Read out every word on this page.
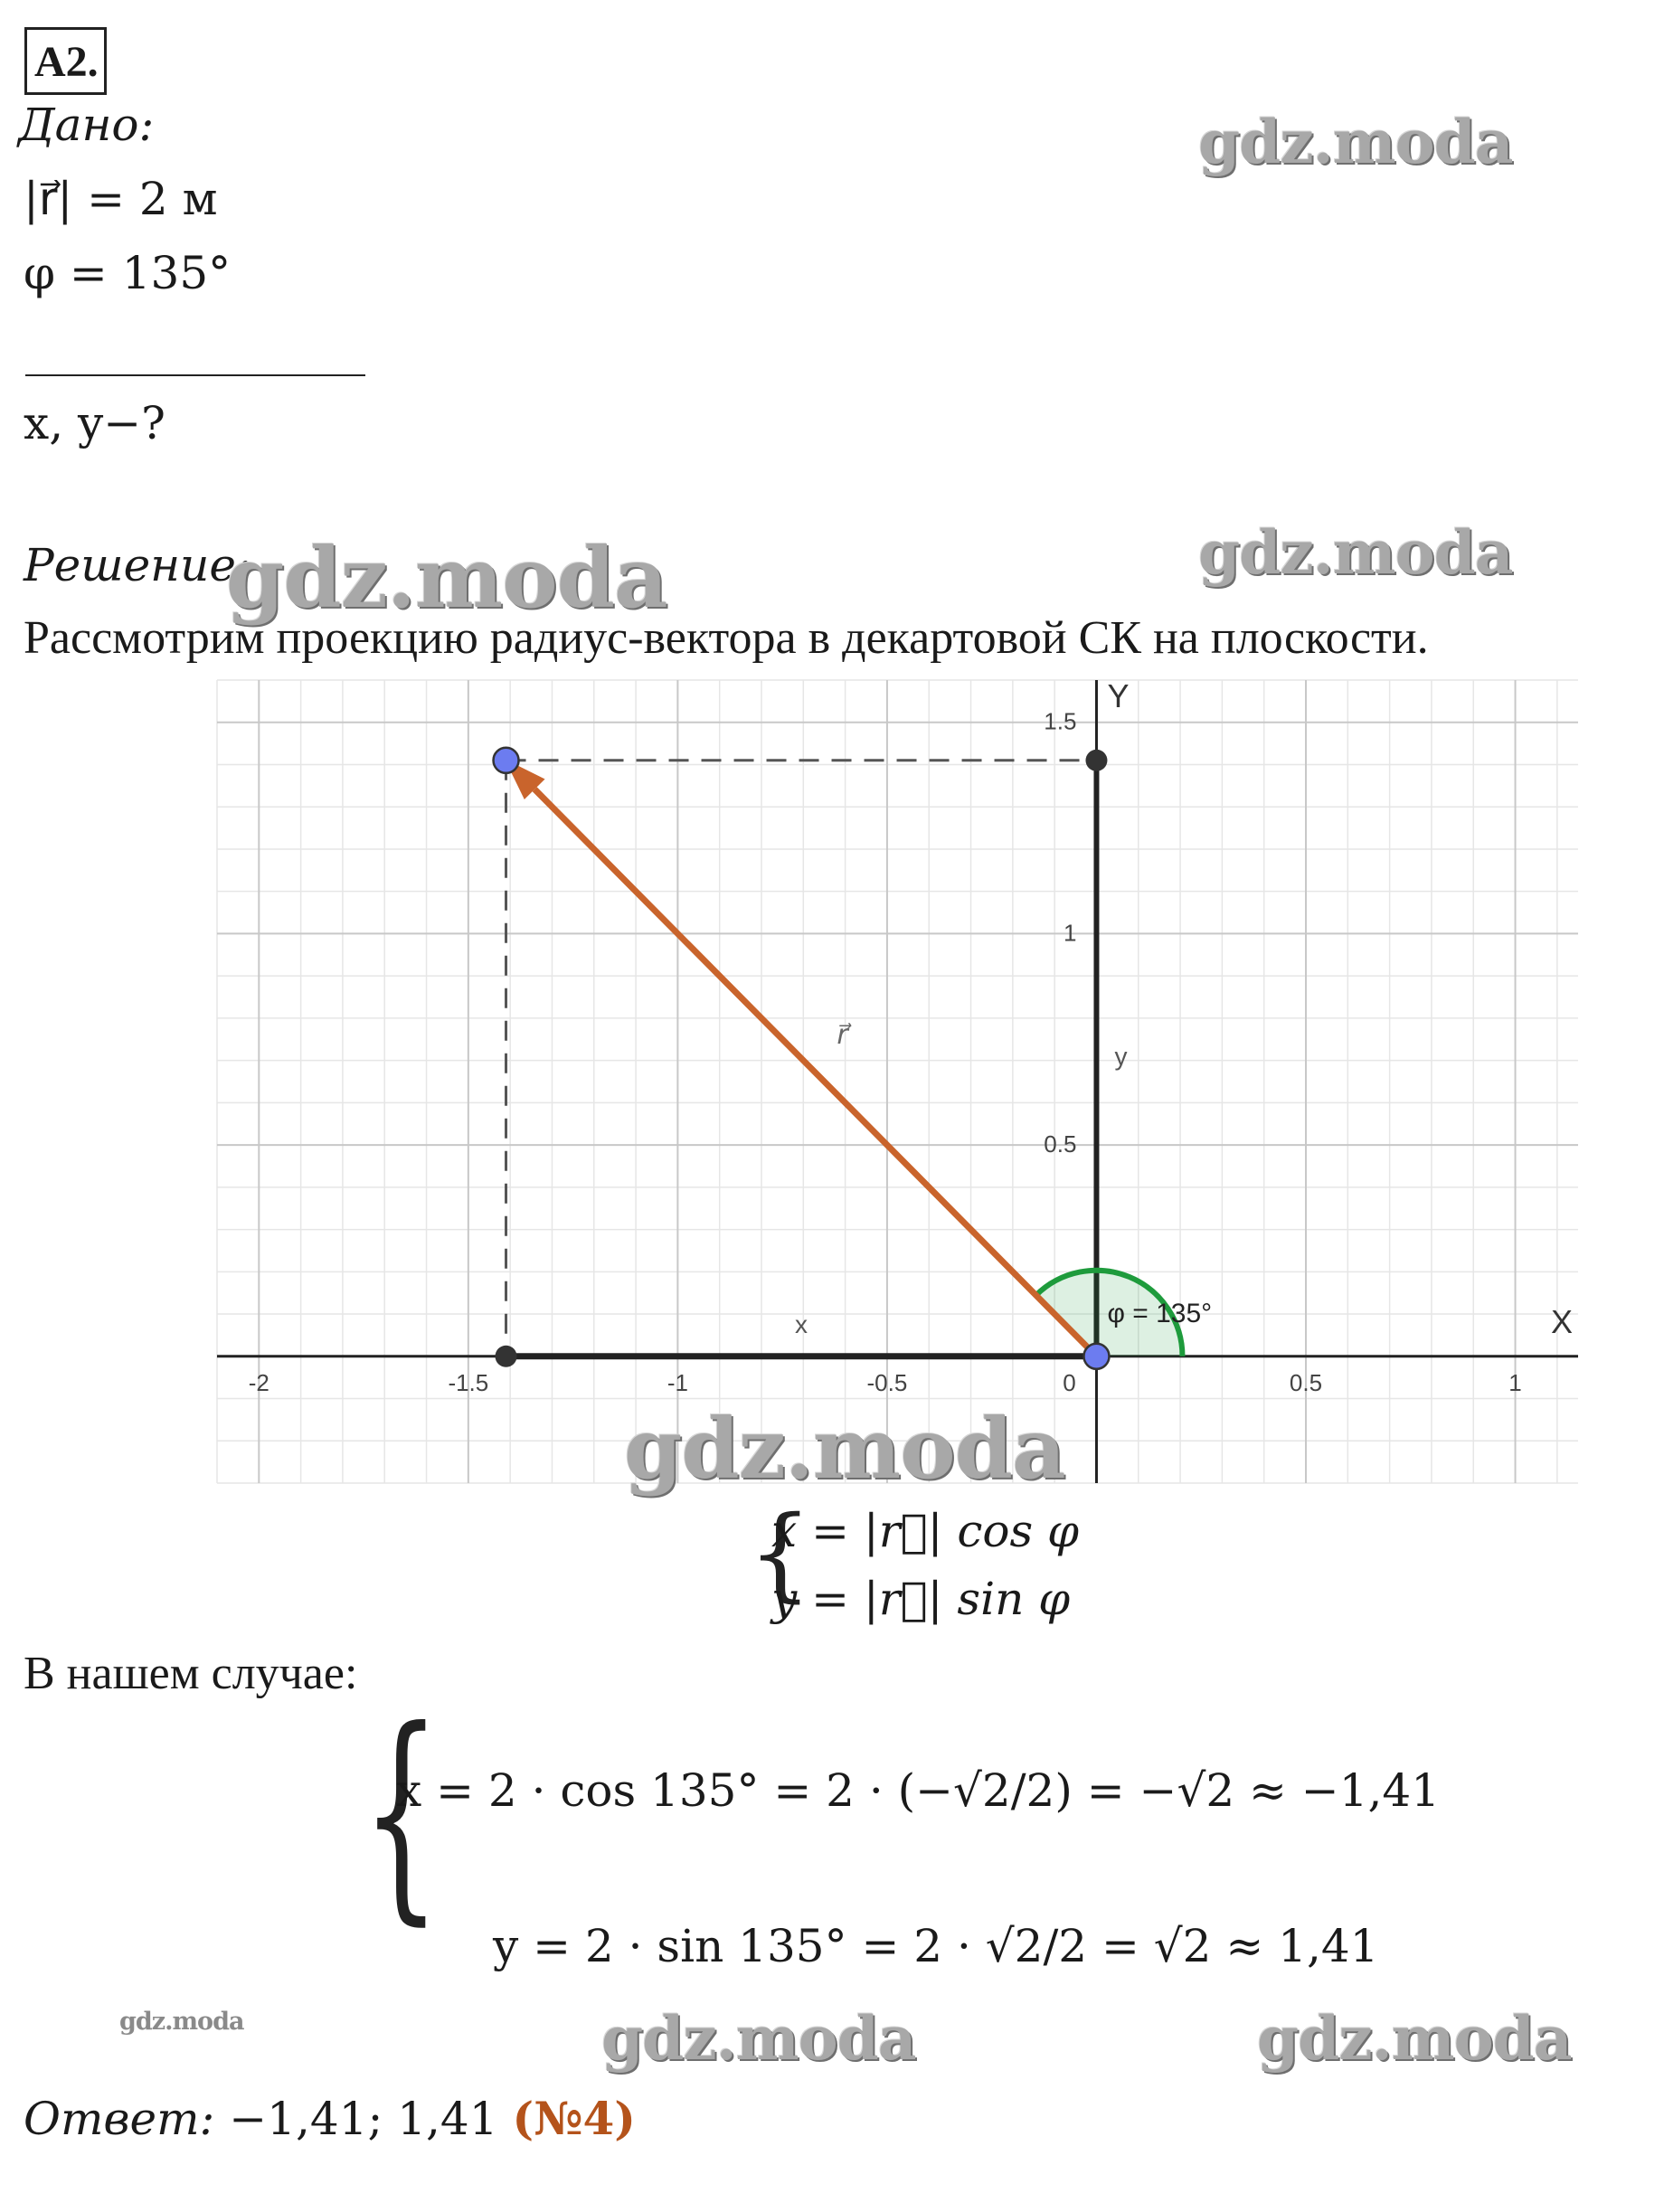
A2.
Дано:
|r⃗| = 2 м
φ = 135°
x, y−?
Решение:
Рассмотрим проекцию радиус-вектора в декартовой СК на плоскости.
-2	-1.5	-1	-0.5	0	0.5	1
1.5
1
0.5
X
Y
φ = 135°
r⃗
x
y
{
x = |r⃗| cos φ
y = |r⃗| sin φ
В нашем случае:
{
x = 2 · cos 135° = 2 · (−√2/2) = −√2 ≈ −1,41
y = 2 · sin 135° = 2 · √2/2 = √2 ≈ 1,41
Ответ: −1,41; 1,41 (№4)
gdz.moda
gdz.moda	gdz.moda
gdz.moda
gdz.moda	gdz.moda	gdz.moda
